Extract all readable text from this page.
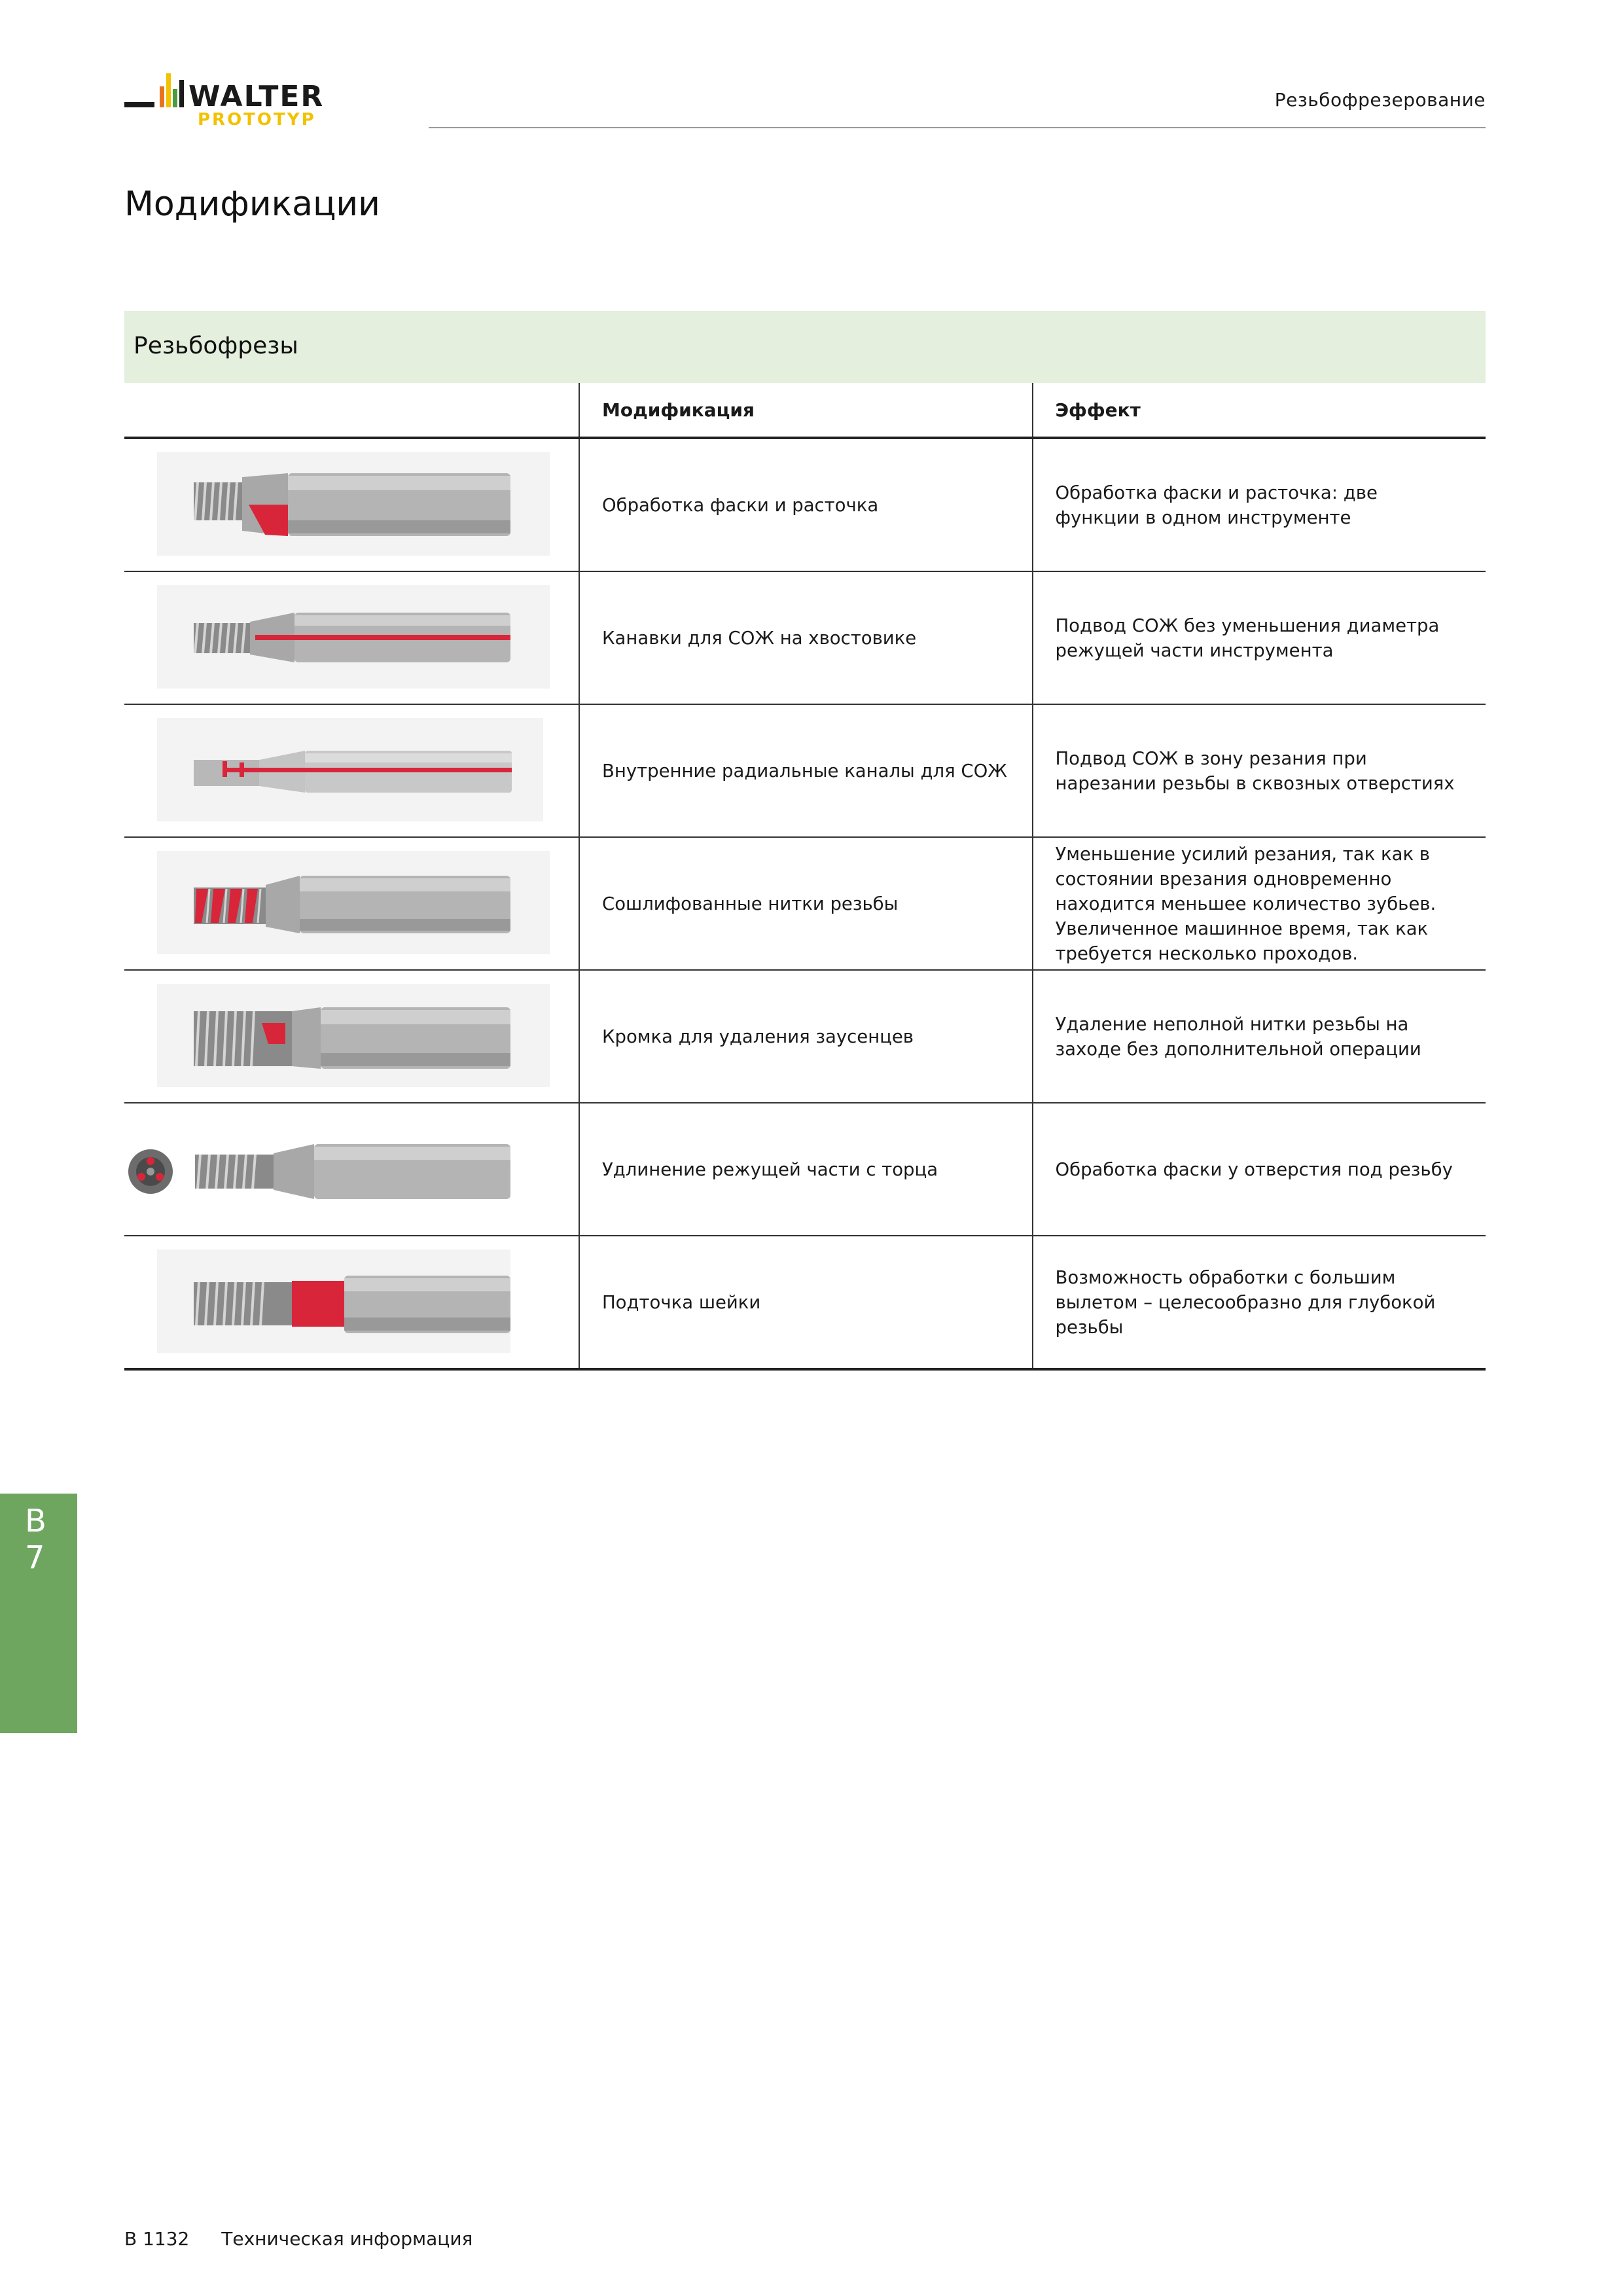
WALTER
PROTOTYP
Резьбофрезерование
Модификации
Резьбофрезы
	Модификация	Эффект

	Обработка фаски и расточка	Обработка фаски и расточка: две функции в одном инструменте

	Канавки для СОЖ на хвостовике	Подвод СОЖ без уменьшения диаметра режущей части инструмента

	Внутренние радиальные каналы для СОЖ	Подвод СОЖ в зону резания при нарезании резьбы в сквозных отверстиях

	Сошлифованные нитки резьбы	Уменьшение усилий резания, так как в состоянии врезания одновременно находится меньшее количество зубьев. Увеличенное машинное время, так как требуется несколько проходов.

	Кромка для удаления заусенцев	Удаление неполной нитки резьбы на заходе без дополнительной операции

	Удлинение режущей части с торца	Обработка фаски у отверстия под резьбу

	Подточка шейки	Возможность обработки с большим вылетом – целесообразно для глубокой резьбы
B 7
B 1132 Техническая информация
